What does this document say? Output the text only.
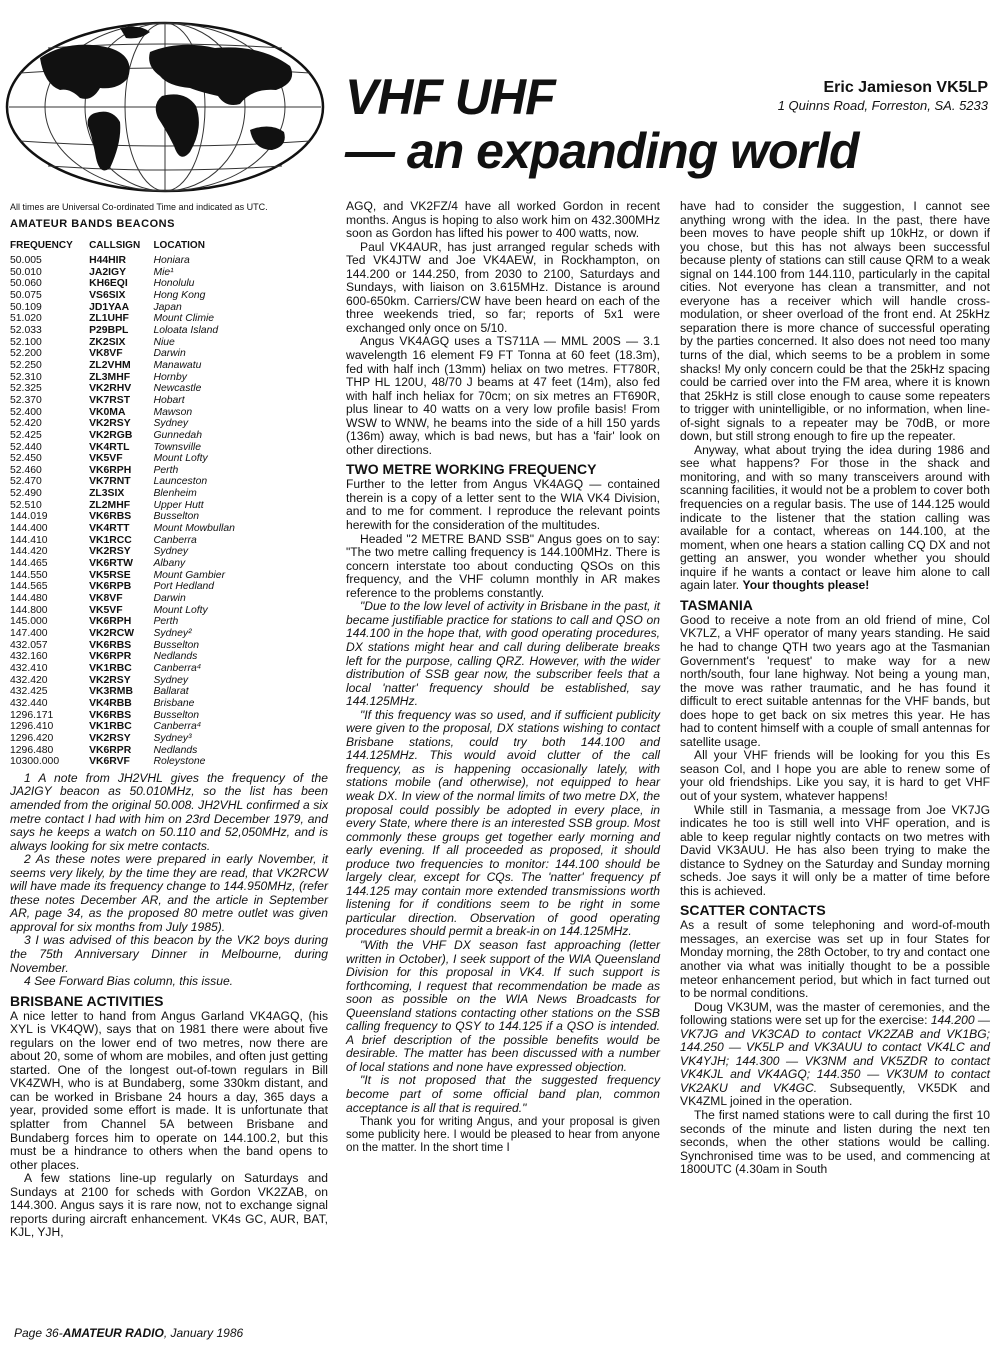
VHF UHF
— an expanding world
Eric Jamieson VK5LP
1 Quinns Road, Forreston, SA. 5233
All times are Universal Co-ordinated Time and indicated as UTC.
AMATEUR BANDS BEACONS
FREQUENCY	CALLSIGN	LOCATION
50.005	H44HIR	Honiara
50.010	JA2IGY	Mie¹
50.060	KH6EQI	Honolulu
50.075	VS6SIX	Hong Kong
50.109	JD1YAA	Japan
51.020	ZL1UHF	Mount Climie
52.033	P29BPL	Loloata Island
52.100	ZK2SIX	Niue
52.200	VK8VF	Darwin
52.250	ZL2VHM	Manawatu
52.310	ZL3MHF	Hornby
52.325	VK2RHV	Newcastle
52.370	VK7RST	Hobart
52.400	VK0MA	Mawson
52.420	VK2RSY	Sydney
52.425	VK2RGB	Gunnedah
52.440	VK4RTL	Townsville
52.450	VK5VF	Mount Lofty
52.460	VK6RPH	Perth
52.470	VK7RNT	Launceston
52.490	ZL3SIX	Blenheim
52.510	ZL2MHF	Upper Hutt
144.019	VK6RBS	Busselton
144.400	VK4RTT	Mount Mowbullan
144.410	VK1RCC	Canberra
144.420	VK2RSY	Sydney
144.465	VK6RTW	Albany
144.550	VK5RSE	Mount Gambier
144.565	VK6RPB	Port Hedland
144.480	VK8VF	Darwin
144.800	VK5VF	Mount Lofty
145.000	VK6RPH	Perth
147.400	VK2RCW	Sydney²
432.057	VK6RBS	Busselton
432.160	VK6RPR	Nedlands
432.410	VK1RBC	Canberra⁴
432.420	VK2RSY	Sydney
432.425	VK3RMB	Ballarat
432.440	VK4RBB	Brisbane
1296.171	VK6RBS	Busselton
1296.410	VK1RBC	Canberra⁴
1296.420	VK2RSY	Sydney³
1296.480	VK6RPR	Nedlands
10300.000	VK6RVF	Roleystone

1 A note from JH2VHL gives the frequency of the JA2IGY beacon as 50.010MHz, so the list has been amended from the original 50.008. JH2VHL confirmed a six metre contact I had with him on 23rd December 1979, and says he keeps a watch on 50.110 and 52,050MHz, and is always looking for six metre contacts.

2 As these notes were prepared in early November, it seems very likely, by the time they are read, that VK2RCW will have made its frequency change to 144.950MHz, (refer these notes December AR, and the article in September AR, page 34, as the proposed 80 metre outlet was given approval for six months from July 1985).

3 I was advised of this beacon by the VK2 boys during the 75th Anniversary Dinner in Melbourne, during November.

4 See Forward Bias column, this issue.

BRISBANE ACTIVITIES

A nice letter to hand from Angus Garland VK4AGQ, (his XYL is VK4QW), says that on 1981 there were about five regulars on the lower end of two metres, now there are about 20, some of whom are mobiles, and often just getting started. One of the longest out-of-town regulars in Bill VK4ZWH, who is at Bundaberg, some 330km distant, and can be worked in Brisbane 24 hours a day, 365 days a year, provided some effort is made. It is unfortunate that splatter from Channel 5A between Brisbane and Bundaberg forces him to operate on 144.100.2, but this must be a hindrance to others when the band opens to other places.

A few stations line-up regularly on Saturdays and Sundays at 2100 for scheds with Gordon VK2ZAB, on 144.300. Angus says it is rare now, not to exchange signal reports during aircraft enhancement. VK4s GC, AUR, BAT, KJL, YJH,

AGQ, and VK2FZ/4 have all worked Gordon in recent months. Angus is hoping to also work him on 432.300MHz soon as Gordon has lifted his power to 400 watts, now.

Paul VK4AUR, has just arranged regular scheds with Ted VK4JTW and Joe VK4AEW, in Rockhampton, on 144.200 or 144.250, from 2030 to 2100, Saturdays and Sundays, with liaison on 3.615MHz. Distance is around 600-650km. Carriers/CW have been heard on each of the three weekends tried, so far; reports of 5x1 were exchanged only once on 5/10.

Angus VK4AGQ uses a TS711A — MML 200S — 3.1 wavelength 16 element F9 FT Tonna at 60 feet (18.3m), fed with half inch (13mm) heliax on two metres. FT780R, THP HL 120U, 48/70 J beams at 47 feet (14m), also fed with half inch heliax for 70cm; on six metres an FT690R, plus linear to 40 watts on a very low profile basis! From WSW to WNW, he beams into the side of a hill 150 yards (136m) away, which is bad news, but has a 'fair' look on other directions.

TWO METRE WORKING FREQUENCY

Further to the letter from Angus VK4AGQ — contained therein is a copy of a letter sent to the WIA VK4 Division, and to me for comment. I reproduce the relevant points herewith for the consideration of the multitudes.

Headed "2 METRE BAND SSB" Angus goes on to say: "The two metre calling frequency is 144.100MHz. There is concern interstate too about conducting QSOs on this frequency, and the VHF column monthly in AR makes reference to the problems constantly.

"Due to the low level of activity in Brisbane in the past, it became justifiable practice for stations to call and QSO on 144.100 in the hope that, with good operating procedures, DX stations might hear and call during deliberate breaks left for the purpose, calling QRZ. However, with the wider distribution of SSB gear now, the subscriber feels that a local 'natter' frequency should be established, say 144.125MHz.

"If this frequency was so used, and if sufficient publicity were given to the proposal, DX stations wishing to contact Brisbane stations, could try both 144.100 and 144.125MHz. This would avoid clutter of the call frequency, as is happening occasionally lately, with stations mobile (and otherwise), not equipped to hear weak DX. In view of the normal limits of two metre DX, the proposal could possibly be adopted in every place, in every State, where there is an interested SSB group. Most commonly these groups get together early morning and early evening. If all proceeded as proposed, it should produce two frequencies to monitor: 144.100 should be largely clear, except for CQs. The 'natter' frequency pf 144.125 may contain more extended transmissions worth listening for if conditions seem to be right in some particular direction. Observation of good operating procedures should permit a break-in on 144.125MHz.

"With the VHF DX season fast approaching (letter written in October), I seek support of the WIA Queensland Division for this proposal in VK4. If such support is forthcoming, I request that recommendation be made as soon as possible on the WIA News Broadcasts for Queensland stations contacting other stations on the SSB calling frequency to QSY to 144.125 if a QSO is intended. A brief description of the possible benefits would be desirable. The matter has been discussed with a number of local stations and none have expressed objection.

"It is not proposed that the suggested frequency become part of some official band plan, common acceptance is all that is required."

Thank you for writing Angus, and your proposal is given some publicity here. I would be pleased to hear from anyone on the matter. In the short time I

have had to consider the suggestion, I cannot see anything wrong with the idea. In the past, there have been moves to have people shift up 10kHz, or down if you chose, but this has not always been successful because plenty of stations can still cause QRM to a weak signal on 144.100 from 144.110, particularly in the capital cities. Not everyone has clean a transmitter, and not everyone has a receiver which will handle cross-modulation, or sheer overload of the front end. At 25kHz separation there is more chance of successful operating by the parties concerned. It also does not need too many turns of the dial, which seems to be a problem in some shacks! My only concern could be that the 25kHz spacing could be carried over into the FM area, where it is known that 25kHz is still close enough to cause some repeaters to trigger with unintelligible, or no information, when line-of-sight signals to a repeater may be 70dB, or more down, but still strong enough to fire up the repeater.

Anyway, what about trying the idea during 1986 and see what happens? For those in the shack and monitoring, and with so many transceivers around with scanning facilities, it would not be a problem to cover both frequencies on a regular basis. The use of 144.125 would indicate to the listener that the station calling was available for a contact, whereas on 144.100, at the moment, when one hears a station calling CQ DX and not getting an answer, you wonder whether you should inquire if he wants a contact or leave him alone to call again later. Your thoughts please!

TASMANIA

Good to receive a note from an old friend of mine, Col VK7LZ, a VHF operator of many years standing. He said he had to change QTH two years ago at the Tasmanian Government's 'request' to make way for a new north/south, four lane highway. Not being a young man, the move was rather traumatic, and he has found it difficult to erect suitable antennas for the VHF bands, but does hope to get back on six metres this year. He has had to content himself with a couple of small antennas for satellite usage.

All your VHF friends will be looking for you this Es season Col, and I hope you are able to renew some of your old friendships. Like you say, it is hard to get VHF out of your system, whatever happens!

While still in Tasmania, a message from Joe VK7JG indicates he too is still well into VHF operation, and is able to keep regular nightly contacts on two metres with David VK3AUU. He has also been trying to make the distance to Sydney on the Saturday and Sunday morning scheds. Joe says it will only be a matter of time before this is achieved.

SCATTER CONTACTS

As a result of some telephoning and word-of-mouth messages, an exercise was set up in four States for Monday morning, the 28th October, to try and contact one another via what was initially thought to be a possible meteor enhancement period, but which in fact turned out to be normal conditions.

Doug VK3UM, was the master of ceremonies, and the following stations were set up for the exercise: 144.200 — VK7JG and VK3CAD to contact VK2ZAB and VK1BG; 144.250 — VK5LP and VK3AUU to contact VK4LC and VK4YJH; 144.300 — VK3NM and VK5ZDR to contact VK4KJL and VK4AGQ; 144.350 — VK3UM to contact VK2AKU and VK4GC. Subsequently, VK5DK and VK4ZML joined in the operation.

The first named stations were to call during the first 10 seconds of the minute and listen during the next ten seconds, when the other stations would be calling. Synchronised time was to be used, and commencing at 1800UTC (4.30am in South

Page 36-AMATEUR RADIO, January 1986
